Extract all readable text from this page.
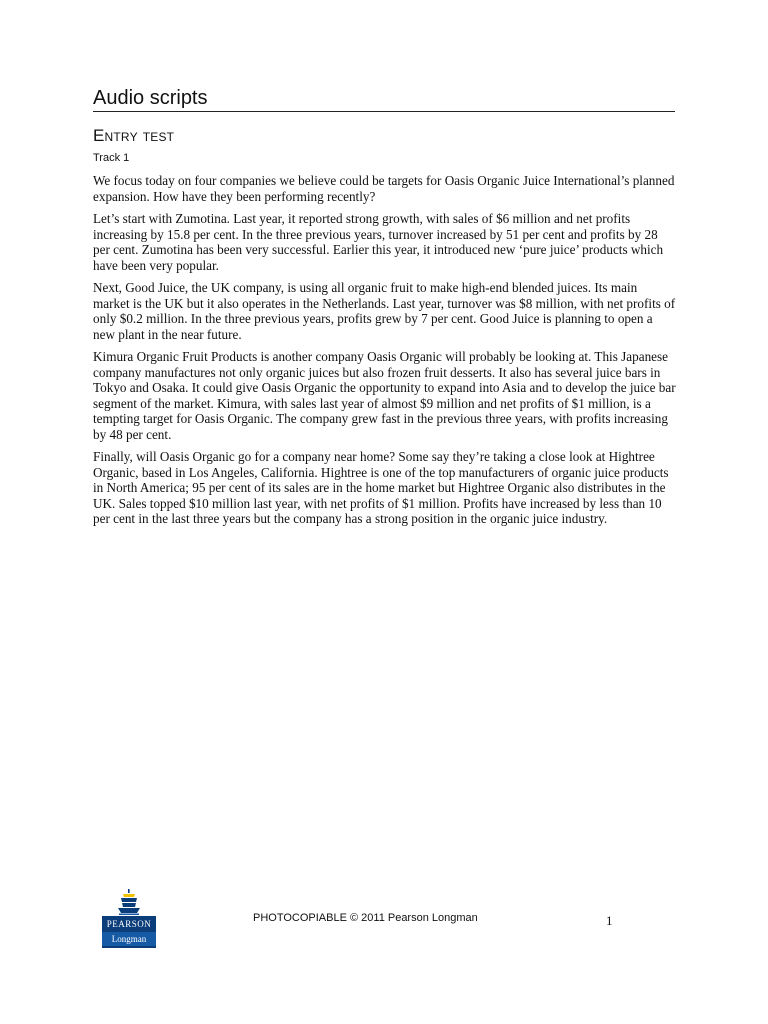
Audio scripts
Entry test
Track 1

We focus today on four companies we believe could be targets for Oasis Organic Juice International’s planned expansion. How have they been performing recently?

Let’s start with Zumotina. Last year, it reported strong growth, with sales of $6 million and net profits increasing by 15.8 per cent. In the three previous years, turnover increased by 51 per cent and profits by 28 per cent. Zumotina has been very successful. Earlier this year, it introduced new ‘pure juice’ products which have been very popular.

Next, Good Juice, the UK company, is using all organic fruit to make high-end blended juices. Its main market is the UK but it also operates in the Netherlands. Last year, turnover was $8 million, with net profits of only $0.2 million. In the three previous years, profits grew by 7 per cent. Good Juice is planning to open a new plant in the near future.

Kimura Organic Fruit Products is another company Oasis Organic will probably be looking at. This Japanese company manufactures not only organic juices but also frozen fruit desserts. It also has several juice bars in Tokyo and Osaka. It could give Oasis Organic the opportunity to expand into Asia and to develop the juice bar segment of the market. Kimura, with sales last year of almost $9 million and net profits of $1 million, is a tempting target for Oasis Organic. The company grew fast in the previous three years, with profits increasing by 48 per cent.

Finally, will Oasis Organic go for a company near home? Some say they’re taking a close look at Hightree Organic, based in Los Angeles, California. Hightree is one of the top manufacturers of organic juice products in North America; 95 per cent of its sales are in the home market but Hightree Organic also distributes in the UK. Sales topped $10 million last year, with net profits of $1 million. Profits have increased by less than 10 per cent in the last three years but the company has a strong position in the organic juice industry.

PEARSON
Longman
PHOTOCOPIABLE © 2011 Pearson Longman	1
